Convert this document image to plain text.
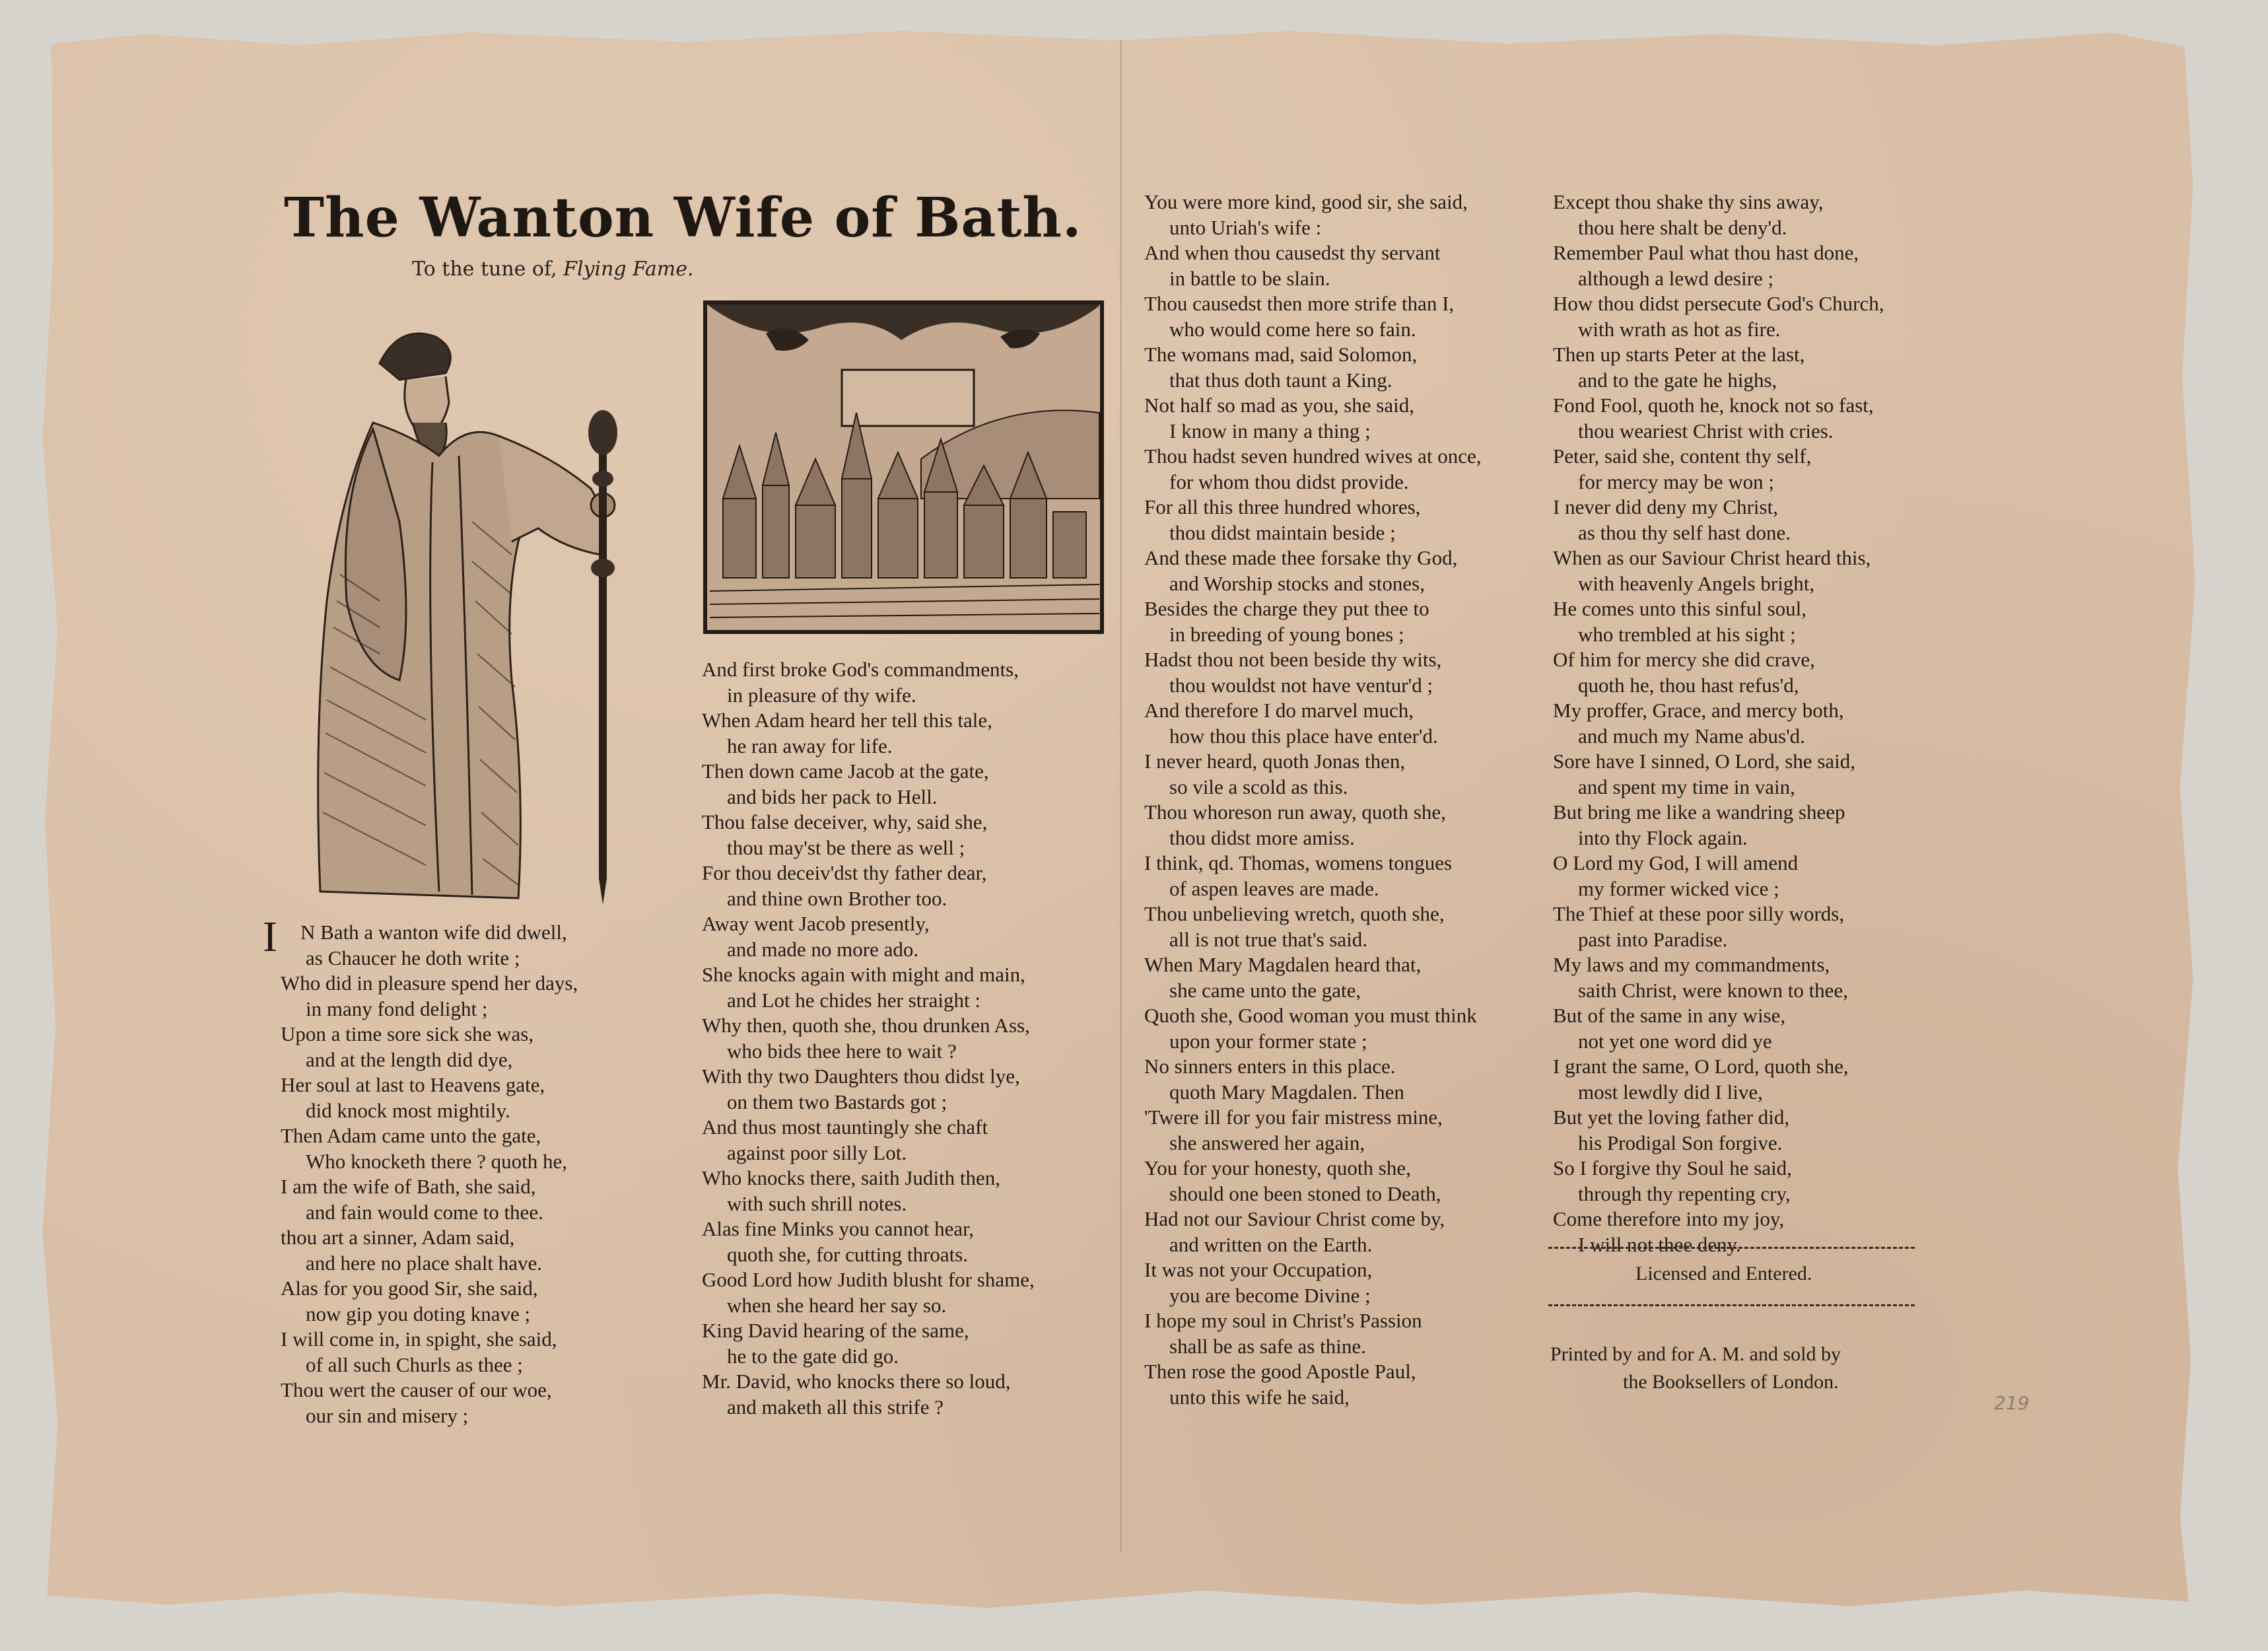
The Wanton Wife of Bath.
To the tune of, Flying Fame.
I	N Bath a wanton wife did dwell,
as Chaucer he doth write ;
Who did in pleasure spend her days,
in many fond delight ;
Upon a time sore sick she was,
and at the length did dye,
Her soul at last to Heavens gate,
did knock most mightily.
Then Adam came unto the gate,
Who knocketh there ? quoth he,
I am the wife of Bath, she said,
and fain would come to thee.
thou art a sinner, Adam said,
and here no place shalt have.
Alas for you good Sir, she said,
now gip you doting knave ;
I will come in, in spight, she said,
of all such Churls as thee ;
Thou wert the causer of our woe,
our sin and misery ;
And first broke God's commandments,
in pleasure of thy wife.
When Adam heard her tell this tale,
he ran away for life.
Then down came Jacob at the gate,
and bids her pack to Hell.
Thou false deceiver, why, said she,
thou may'st be there as well ;
For thou deceiv'dst thy father dear,
and thine own Brother too.
Away went Jacob presently,
and made no more ado.
She knocks again with might and main,
and Lot he chides her straight :
Why then, quoth she, thou drunken Ass,
who bids thee here to wait ?
With thy two Daughters thou didst lye,
on them two Bastards got ;
And thus most tauntingly she chaft
against poor silly Lot.
Who knocks there, saith Judith then,
with such shrill notes.
Alas fine Minks you cannot hear,
quoth she, for cutting throats.
Good Lord how Judith blusht for shame,
when she heard her say so.
King David hearing of the same,
he to the gate did go.
Mr. David, who knocks there so loud,
and maketh all this strife ?
You were more kind, good sir, she said,
unto Uriah's wife :
And when thou causedst thy servant
in battle to be slain.
Thou causedst then more strife than I,
who would come here so fain.
The womans mad, said Solomon,
that thus doth taunt a King.
Not half so mad as you, she said,
I know in many a thing ;
Thou hadst seven hundred wives at once,
for whom thou didst provide.
For all this three hundred whores,
thou didst maintain beside ;
And these made thee forsake thy God,
and Worship stocks and stones,
Besides the charge they put thee to
in breeding of young bones ;
Hadst thou not been beside thy wits,
thou wouldst not have ventur'd ;
And therefore I do marvel much,
how thou this place have enter'd.
I never heard, quoth Jonas then,
so vile a scold as this.
Thou whoreson run away, quoth she,
thou didst more amiss.
I think, qd. Thomas, womens tongues
of aspen leaves are made.
Thou unbelieving wretch, quoth she,
all is not true that's said.
When Mary Magdalen heard that,
she came unto the gate,
Quoth she, Good woman you must think
upon your former state ;
No sinners enters in this place.
quoth Mary Magdalen. Then
'Twere ill for you fair mistress mine,
she answered her again,
You for your honesty, quoth she,
should one been stoned to Death,
Had not our Saviour Christ come by,
and written on the Earth.
It was not your Occupation,
you are become Divine ;
I hope my soul in Christ's Passion
shall be as safe as thine.
Then rose the good Apostle Paul,
unto this wife he said,
Except thou shake thy sins away,
thou here shalt be deny'd.
Remember Paul what thou hast done,
although a lewd desire ;
How thou didst persecute God's Church,
with wrath as hot as fire.
Then up starts Peter at the last,
and to the gate he highs,
Fond Fool, quoth he, knock not so fast,
thou weariest Christ with cries.
Peter, said she, content thy self,
for mercy may be won ;
I never did deny my Christ,
as thou thy self hast done.
When as our Saviour Christ heard this,
with heavenly Angels bright,
He comes unto this sinful soul,
who trembled at his sight ;
Of him for mercy she did crave,
quoth he, thou hast refus'd,
My proffer, Grace, and mercy both,
and much my Name abus'd.
Sore have I sinned, O Lord, she said,
and spent my time in vain,
But bring me like a wandring sheep
into thy Flock again.
O Lord my God, I will amend
my former wicked vice ;
The Thief at these poor silly words,
past into Paradise.
My laws and my commandments,
saith Christ, were known to thee,
But of the same in any wise,
not yet one word did ye
I grant the same, O Lord, quoth she,
most lewdly did I live,
But yet the loving father did,
his Prodigal Son forgive.
So I forgive thy Soul he said,
through thy repenting cry,
Come therefore into my joy,
I will not thee deny.
Licensed and Entered.
Printed by and for A. M. and sold by
the Booksellers of London.
219
